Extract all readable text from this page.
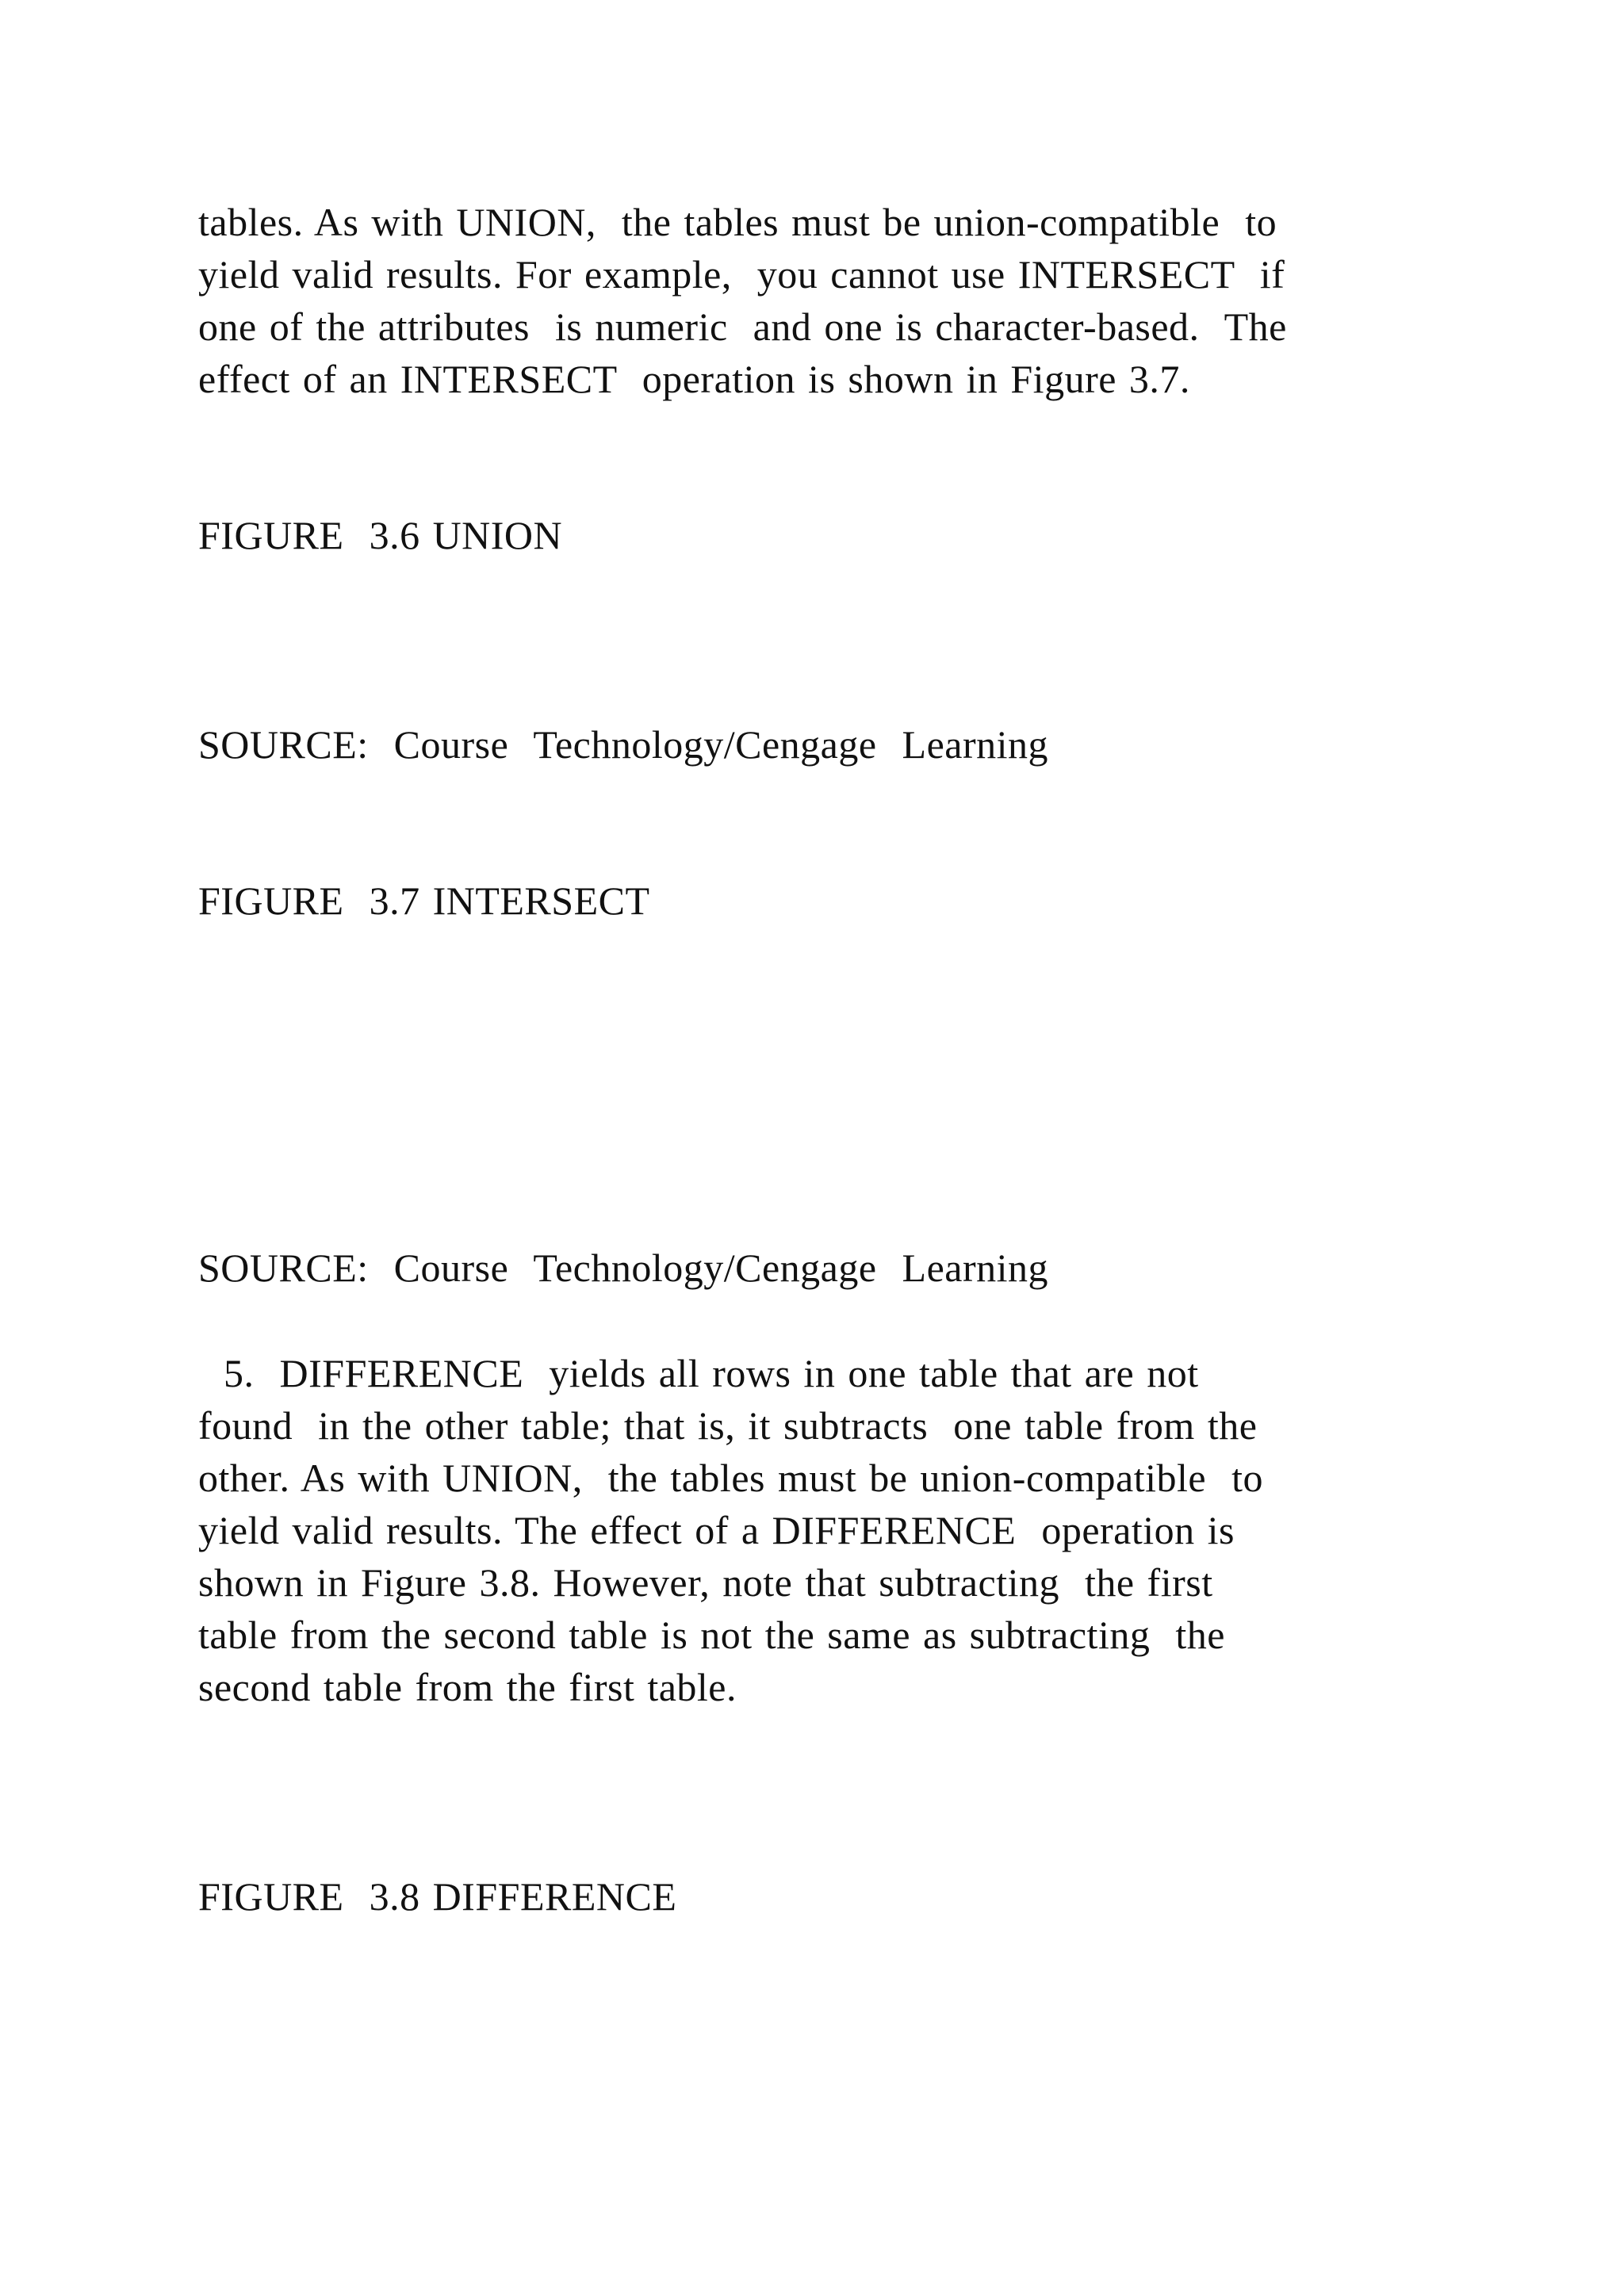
tables. As with UNION,  the tables must be union-compatible  to
yield valid results. For example,  you cannot use INTERSECT  if
one of the attributes  is numeric  and one is character-based.  The
effect of an INTERSECT  operation is shown in Figure 3.7.
FIGURE  3.6 UNION
SOURCE:  Course  Technology/Cengage  Learning
FIGURE  3.7 INTERSECT
SOURCE:  Course  Technology/Cengage  Learning
5.  DIFFERENCE  yields all rows in one table that are not
found  in the other table; that is, it subtracts  one table from the
other. As with UNION,  the tables must be union-compatible  to
yield valid results. The effect of a DIFFERENCE  operation is
shown in Figure 3.8. However, note that subtracting  the first
table from the second table is not the same as subtracting  the
second table from the first table.
FIGURE  3.8 DIFFERENCE
